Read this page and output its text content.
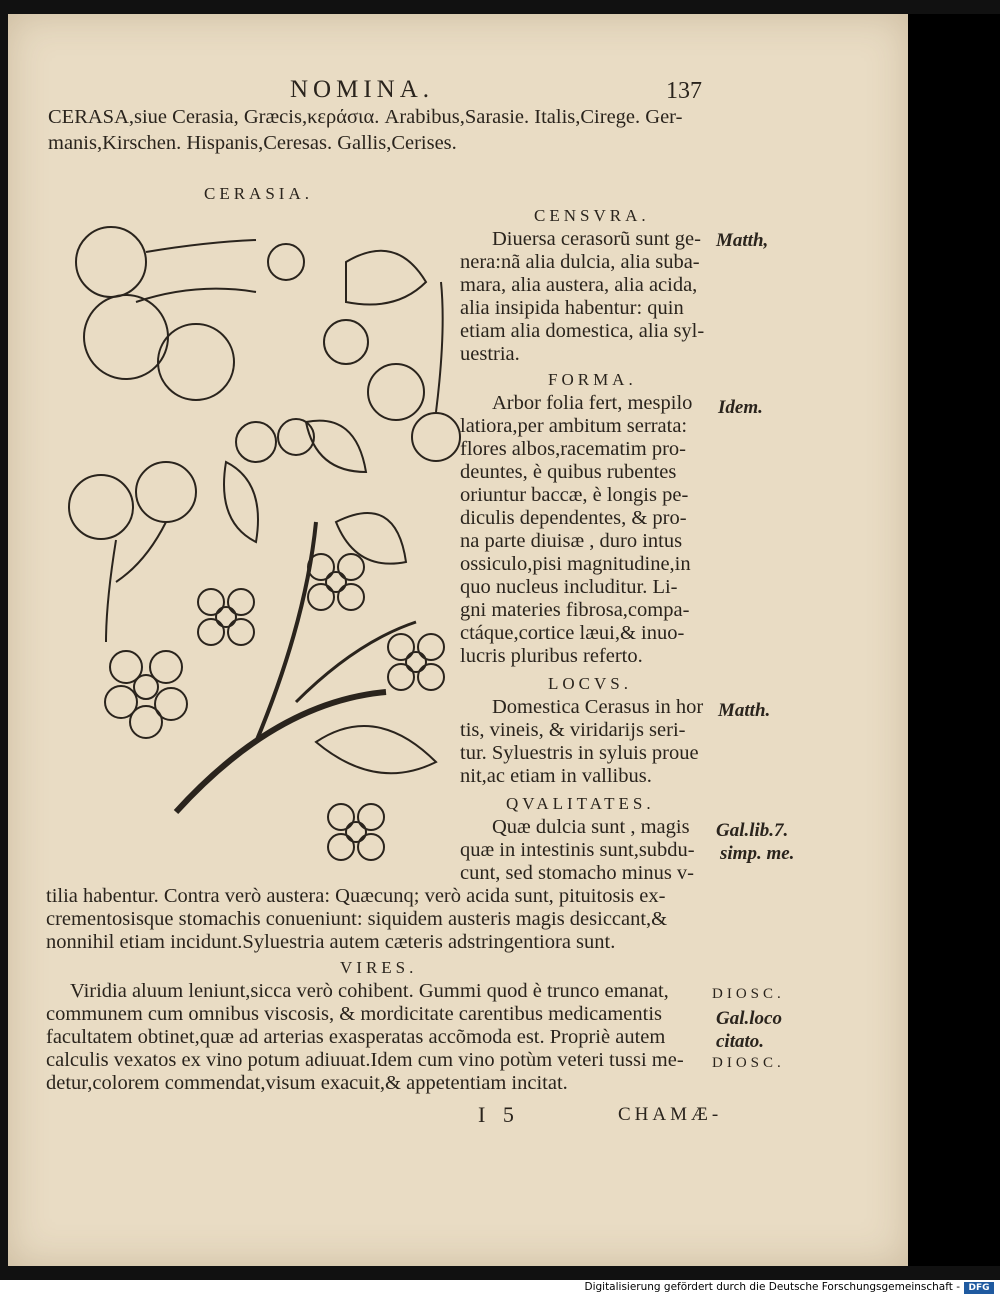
NOMINA.	137
CERASA,siue Cerasia, Græcis,κεράσια. Arabibus,Sarasie. Italis,Cirege. Ger-
manis,Kirschen. Hispanis,Ceresas. Gallis,Cerises.
CERASIA.
CENSVRA.
Diuersa cerasorũ sunt ge-
nera:nã alia dulcia, alia suba-
mara, alia austera, alia acida,
alia insipida habentur: quin
etiam alia domestica, alia syl-
uestria.
Matth,
FORMA.
Arbor folia fert, mespilo
latiora,per ambitum serrata:
flores albos,racematim pro-
deuntes, è quibus rubentes
oriuntur baccæ, è longis pe-
diculis dependentes, & pro-
na parte diuisæ , duro intus
ossiculo,pisi magnitudine,in
quo nucleus includitur. Li-
gni materies fibrosa,compa-
ctáque,cortice læui,& inuo-
lucris pluribus referto.
Idem.
LOCVS.
Domestica Cerasus in hor
tis, vineis, & viridarijs seri-
tur. Syluestris in syluis proue
nit,ac etiam in vallibus.
Matth.
QVALITATES.
Quæ dulcia sunt , magis
quæ in intestinis sunt,subdu-
cunt, sed stomacho minus v-
tilia habentur. Contra verò austera: Quæcunq; verò acida sunt, pituitosis ex-
crementosisque stomachis conueniunt: siquidem austeris magis desiccant,&
nonnihil etiam incidunt.Syluestria autem cæteris adstringentiora sunt.
Gal.lib.7.
simp. me.
VIRES.
Viridia aluum leniunt,sicca verò cohibent. Gummi quod è trunco emanat,
communem cum omnibus viscosis, & mordicitate carentibus medicamentis
facultatem obtinet,quæ ad arterias exasperatas accõmoda est. Propriè autem
calculis vexatos ex vino potum adiuuat.Idem cum vino potùm veteri tussi me-
detur,colorem commendat,visum exacuit,& appetentiam incitat.
DIOSC.
Gal.loco
citato.
DIOSC.
I 5	CHAMÆ-
Digitalisierung gefördert durch die Deutsche Forschungsgemeinschaft - DFG
